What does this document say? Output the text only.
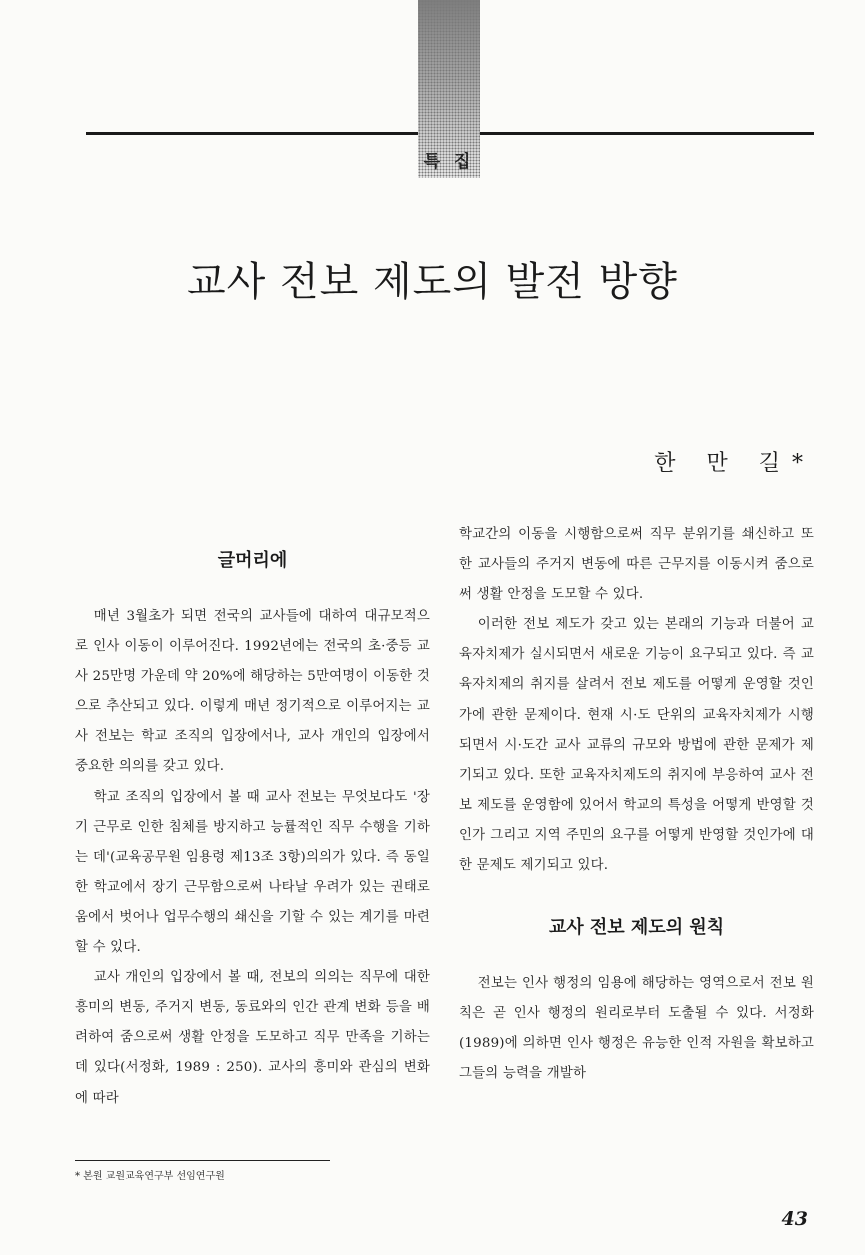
특 집
교사 전보 제도의 발전 방향
한 만 길*
글머리에

매년 3월초가 되면 전국의 교사들에 대하여 대규모적으로 인사 이동이 이루어진다. 1992년에는 전국의 초·중등 교사 25만명 가운데 약 20%에 해당하는 5만여명이 이동한 것으로 추산되고 있다. 이렇게 매년 정기적으로 이루어지는 교사 전보는 학교 조직의 입장에서나, 교사 개인의 입장에서 중요한 의의를 갖고 있다.

학교 조직의 입장에서 볼 때 교사 전보는 무엇보다도 '장기 근무로 인한 침체를 방지하고 능률적인 직무 수행을 기하는 데'(교육공무원 임용령 제13조 3항)의의가 있다. 즉 동일한 학교에서 장기 근무함으로써 나타날 우려가 있는 권태로움에서 벗어나 업무수행의 쇄신을 기할 수 있는 계기를 마련할 수 있다.

교사 개인의 입장에서 볼 때, 전보의 의의는 직무에 대한 흥미의 변동, 주거지 변동, 동료와의 인간 관계 변화 등을 배려하여 줌으로써 생활 안정을 도모하고 직무 만족을 기하는 데 있다(서정화, 1989 : 250). 교사의 흥미와 관심의 변화에 따라

학교간의 이동을 시행함으로써 직무 분위기를 쇄신하고 또한 교사들의 주거지 변동에 따른 근무지를 이동시켜 줌으로써 생활 안정을 도모할 수 있다.

이러한 전보 제도가 갖고 있는 본래의 기능과 더불어 교육자치제가 실시되면서 새로운 기능이 요구되고 있다. 즉 교육자치제의 취지를 살려서 전보 제도를 어떻게 운영할 것인가에 관한 문제이다. 현재 시·도 단위의 교육자치제가 시행되면서 시·도간 교사 교류의 규모와 방법에 관한 문제가 제기되고 있다. 또한 교육자치제도의 취지에 부응하여 교사 전보 제도를 운영함에 있어서 학교의 특성을 어떻게 반영할 것인가 그리고 지역 주민의 요구를 어떻게 반영할 것인가에 대한 문제도 제기되고 있다.

교사 전보 제도의 원칙

전보는 인사 행정의 임용에 해당하는 영역으로서 전보 원칙은 곧 인사 행정의 원리로부터 도출될 수 있다. 서정화(1989)에 의하면 인사 행정은 유능한 인적 자원을 확보하고 그들의 능력을 개발하

* 본원 교원교육연구부 선임연구원
43
